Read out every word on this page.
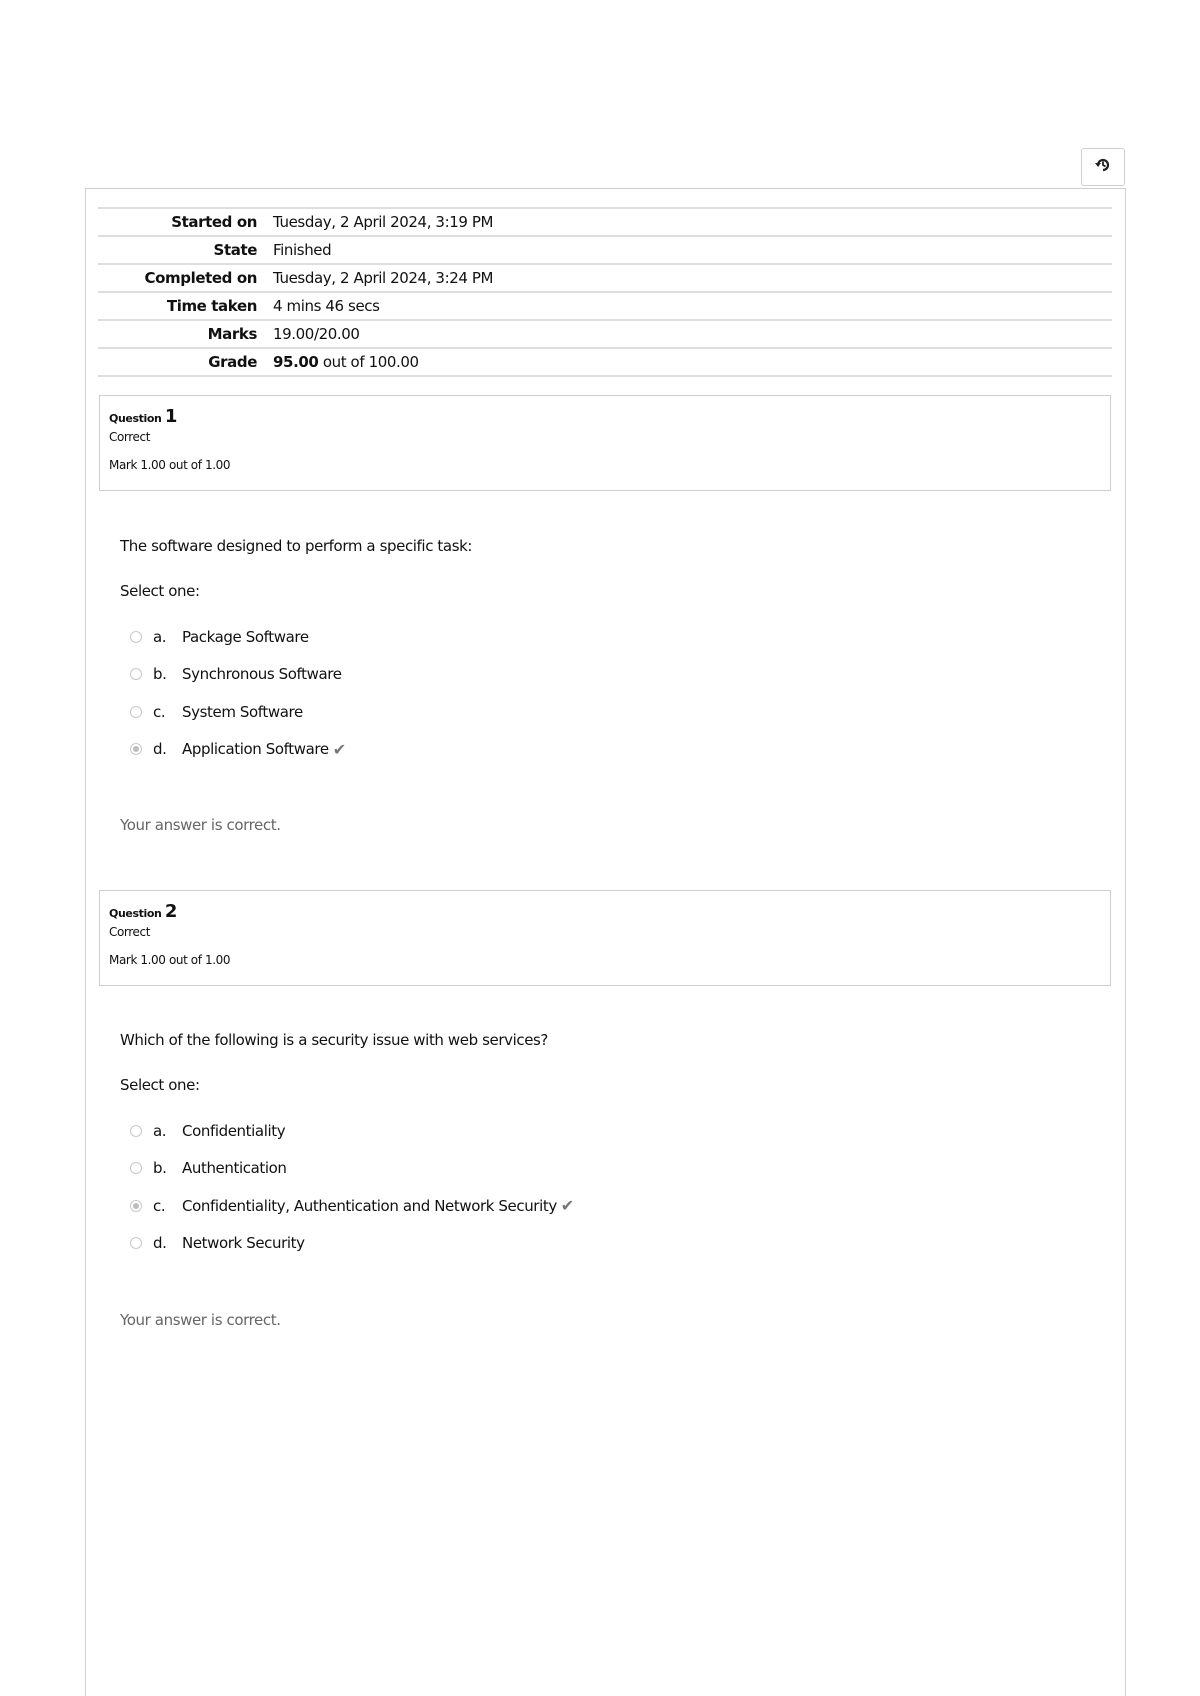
Started on	Tuesday, 2 April 2024, 3:19 PM
State	Finished
Completed on	Tuesday, 2 April 2024, 3:24 PM
Time taken	4 mins 46 secs
Marks	19.00/20.00
Grade	95.00 out of 100.00
Question 1
Correct
Mark 1.00 out of 1.00
The software designed to perform a specific task:
Select one:
a.	Package Software
b.	Synchronous Software
c.	System Software
d.	Application Software ✔
Your answer is correct.
Question 2
Correct
Mark 1.00 out of 1.00
Which of the following is a security issue with web services?
Select one:
a.	Confidentiality
b.	Authentication
c.	Confidentiality, Authentication and Network Security ✔
d.	Network Security
Your answer is correct.
